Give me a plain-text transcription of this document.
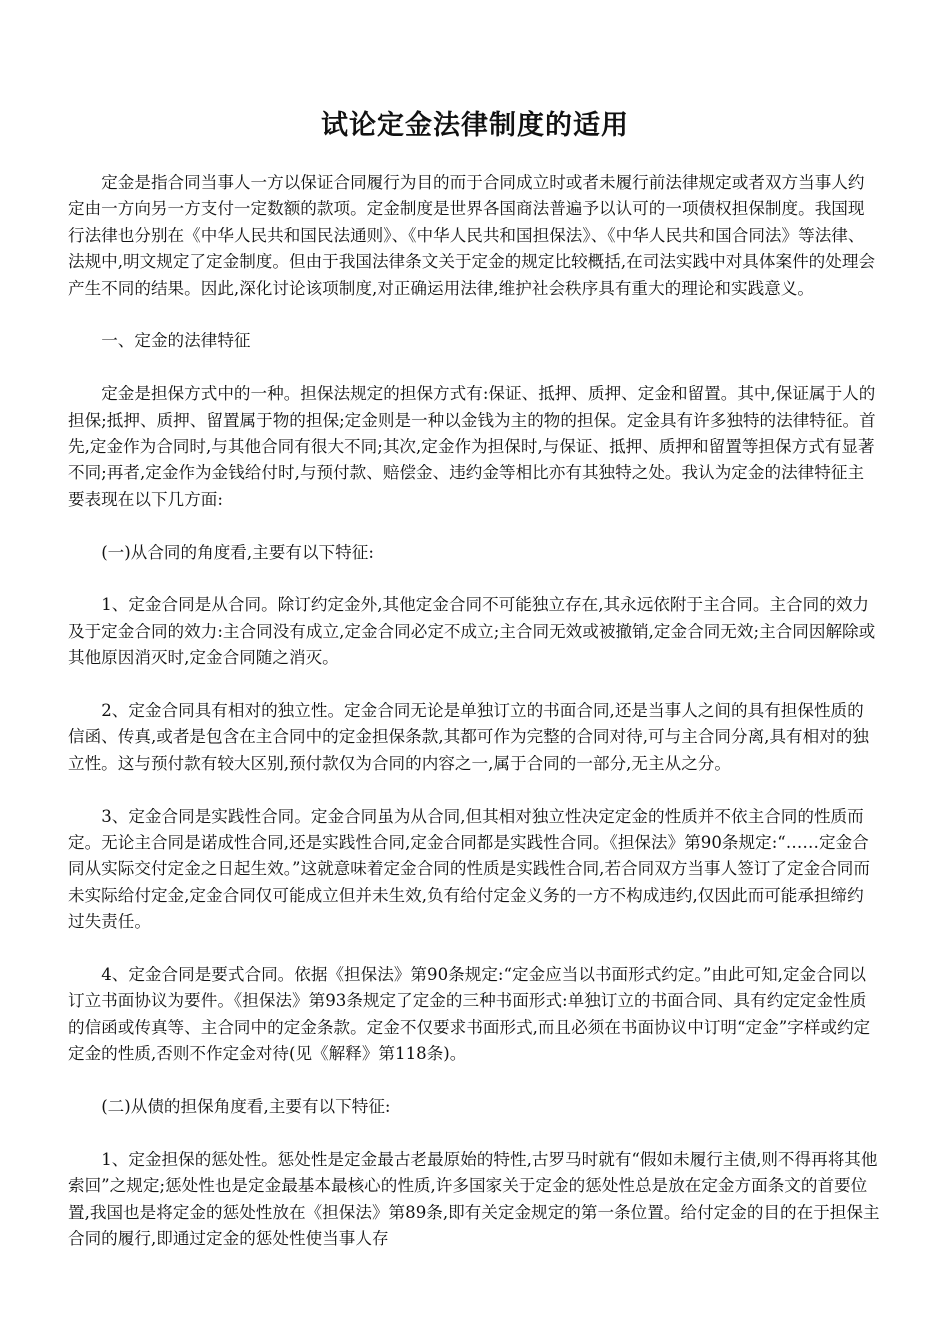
试论定金法律制度的适用

定金是指合同当事人一方以保证合同履行为目的而于合同成立时或者未履行前法律规定或者双方当事人约定由一方向另一方支付一定数额的款项。定金制度是世界各国商法普遍予以认可的一项债权担保制度。我国现行法律也分别在《中华人民共和国民法通则》、《中华人民共和国担保法》、《中华人民共和国合同法》等法律、法规中,明文规定了定金制度。但由于我国法律条文关于定金的规定比较概括,在司法实践中对具体案件的处理会产生不同的结果。因此,深化讨论该项制度,对正确运用法律,维护社会秩序具有重大的理论和实践意义。

一、定金的法律特征

定金是担保方式中的一种。担保法规定的担保方式有:保证、抵押、质押、定金和留置。其中,保证属于人的担保;抵押、质押、留置属于物的担保;定金则是一种以金钱为主的物的担保。定金具有许多独特的法律特征。首先,定金作为合同时,与其他合同有很大不同;其次,定金作为担保时,与保证、抵押、质押和留置等担保方式有显著不同;再者,定金作为金钱给付时,与预付款、赔偿金、违约金等相比亦有其独特之处。我认为定金的法律特征主要表现在以下几方面:

(一)从合同的角度看,主要有以下特征:

1、定金合同是从合同。除订约定金外,其他定金合同不可能独立存在,其永远依附于主合同。主合同的效力及于定金合同的效力:主合同没有成立,定金合同必定不成立;主合同无效或被撤销,定金合同无效;主合同因解除或其他原因消灭时,定金合同随之消灭。

2、定金合同具有相对的独立性。定金合同无论是单独订立的书面合同,还是当事人之间的具有担保性质的信函、传真,或者是包含在主合同中的定金担保条款,其都可作为完整的合同对待,可与主合同分离,具有相对的独立性。这与预付款有较大区别,预付款仅为合同的内容之一,属于合同的一部分,无主从之分。

3、定金合同是实践性合同。定金合同虽为从合同,但其相对独立性决定定金的性质并不依主合同的性质而定。无论主合同是诺成性合同,还是实践性合同,定金合同都是实践性合同。《担保法》第90条规定:“……定金合同从实际交付定金之日起生效。”这就意味着定金合同的性质是实践性合同,若合同双方当事人签订了定金合同而未实际给付定金,定金合同仅可能成立但并未生效,负有给付定金义务的一方不构成违约,仅因此而可能承担缔约过失责任。

4、定金合同是要式合同。依据《担保法》第90条规定:“定金应当以书面形式约定。”由此可知,定金合同以订立书面协议为要件。《担保法》第93条规定了定金的三种书面形式:单独订立的书面合同、具有约定定金性质的信函或传真等、主合同中的定金条款。定金不仅要求书面形式,而且必须在书面协议中订明“定金”字样或约定定金的性质,否则不作定金对待(见《解释》第118条)。

(二)从债的担保角度看,主要有以下特征:

1、定金担保的惩处性。惩处性是定金最古老最原始的特性,古罗马时就有“假如未履行主债,则不得再将其他索回”之规定;惩处性也是定金最基本最核心的性质,许多国家关于定金的惩处性总是放在定金方面条文的首要位置,我国也是将定金的惩处性放在《担保法》第89条,即有关定金规定的第一条位置。给付定金的目的在于担保主合同的履行,即通过定金的惩处性使当事人存
